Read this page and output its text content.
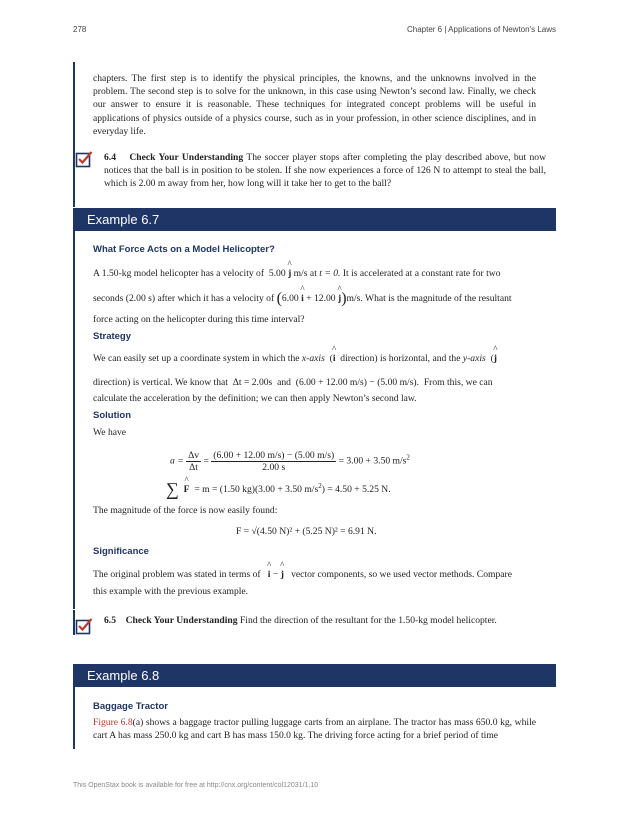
278	Chapter 6 | Applications of Newton's Laws
chapters. The first step is to identify the physical principles, the knowns, and the unknowns involved in the problem. The second step is to solve for the unknown, in this case using Newton’s second law. Finally, we check our answer to ensure it is reasonable. These techniques for integrated concept problems will be useful in applications of physics outside of a physics course, such as in your profession, in other science disciplines, and in everyday life.
6.4 Check Your Understanding The soccer player stops after completing the play described above, but now notices that the ball is in position to be stolen. If she now experiences a force of 126 N to attempt to steal the ball, which is 2.00 m away from her, how long will it take her to get to the ball?
Example 6.7
What Force Acts on a Model Helicopter?
A 1.50-kg model helicopter has a velocity of 5.00 ^ j m/s at t = 0. It is accelerated at a constant rate for two
seconds (2.00 s) after which it has a velocity of (6.00 ^ i + 12.00 ^ j)m/s. What is the magnitude of the resultant
force acting on the helicopter during this time interval?
Strategy
We can easily set up a coordinate system in which the x-axis  (^ i direction) is horizontal, and the y-axis  (^ j
direction) is vertical. We know that Δt = 2.00s and (6.00 + 12.00 m/s) − (5.00 m/s). From this, we can
calculate the acceleration by the definition; we can then apply Newton’s second law.
Solution
We have
$a = \frac{\Delta v}{\Delta t} = \frac{(6.00 + 12.00 m/s) - (5.00 m/s)}{2.00 s} = 3.00 + 3.50$ $m/s^2$
∑ ^ F = m = (1.50 kg)(3.00 + 3.50 $m/s^2) = 4.50 + 5.25$ N.
The magnitude of the force is now easily found:
F = √(4.50 N)² + (5.25 N)² = 6.91 N.
Significance
The original problem was stated in terms of ^ i − ^ j vector components, so we used vector methods. Compare
this example with the previous example.
6.5 Check Your Understanding Find the direction of the resultant for the 1.50-kg model helicopter.
Example 6.8
Baggage Tractor
Figure 6.8(a) shows a baggage tractor pulling luggage carts from an airplane. The tractor has mass 650.0 kg, while cart A has mass 250.0 kg and cart B has mass 150.0 kg. The driving force acting for a brief period of time
This OpenStax book is available for free at http://cnx.org/content/col12031/1.10
